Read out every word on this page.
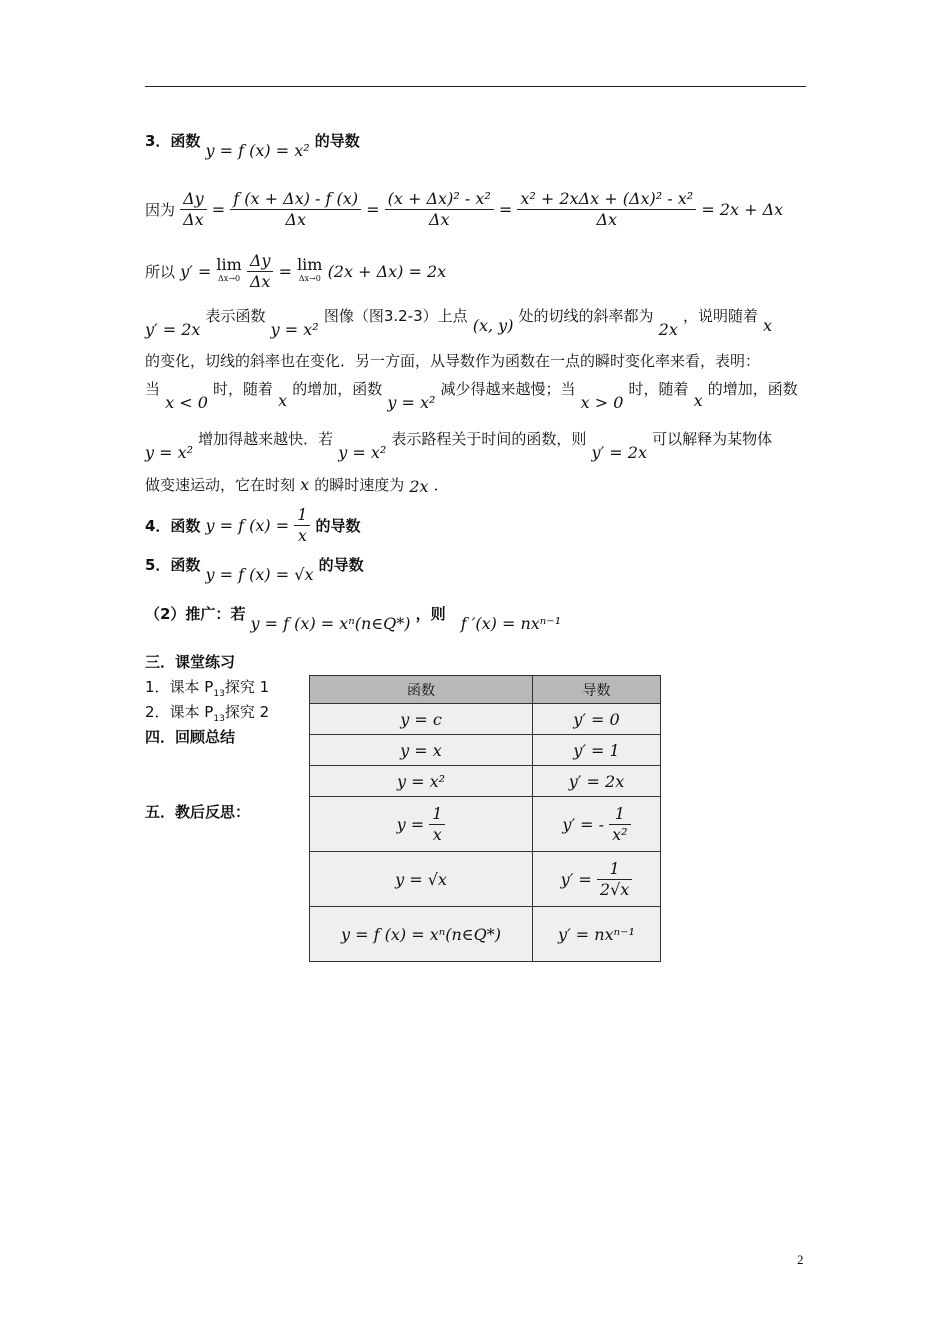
3．函数 y = f (x) = x² 的导数
因为 $\frac{\Delta y}{\Delta x} = \frac{f (x + \Delta x) - f (x)}{\Delta x} = \frac{\text{(x + Δx)² - x²}}{\Delta x} = \frac{\text{x² + 2xΔx + (Δx)² - x²}}{\Delta x} = 2x + \Delta x$
所以 y′ = lim
Δx→0
$\frac{\Delta y}{\Delta x} = \lim$
Δx→0 (2x + Δx) = 2x
y′ = 2x 表示函数 y = x² 图像（图3.2-3）上点 (x, y) 处的切线的斜率都为 2x ，说明随着 x
的变化，切线的斜率也在变化．另一方面，从导数作为函数在一点的瞬时变化率来看，表明：
当 x < 0 时，随着 x 的增加，函数 y = x² 减少得越来越慢；当 x > 0 时，随着 x 的增加，函数
y = x² 增加得越来越快．若 y = x² 表示路程关于时间的函数，则 y′ = 2x 可以解释为某物体
做变速运动，它在时刻 x 的瞬时速度为 2x ．
4．函数 y = f $(x) = \frac{1}{x}$ 的导数
5．函数 y = f (x) = √x 的导数
（2）推广：若 y = f (x) = xⁿ(n∈Q*) ，则 f ′(x) = nxⁿ⁻¹
三．课堂练习
1．课本 $P_{13}$探究 1
2．课本 $P_{13}$探究 2
四．回顾总结
五．教后反思：
函数	导数
y = c	y′ = 0
y = x	y′ = 1
y = x²	y′ = 2x
$y = \frac{1}{x}$	y′ = - $\frac{1}{\text{x²}}$

y = √x	$y' = \frac{1}{2√x}$

y = f (x) = xⁿ(n∈Q*)	y′ = nxⁿ⁻¹
2
